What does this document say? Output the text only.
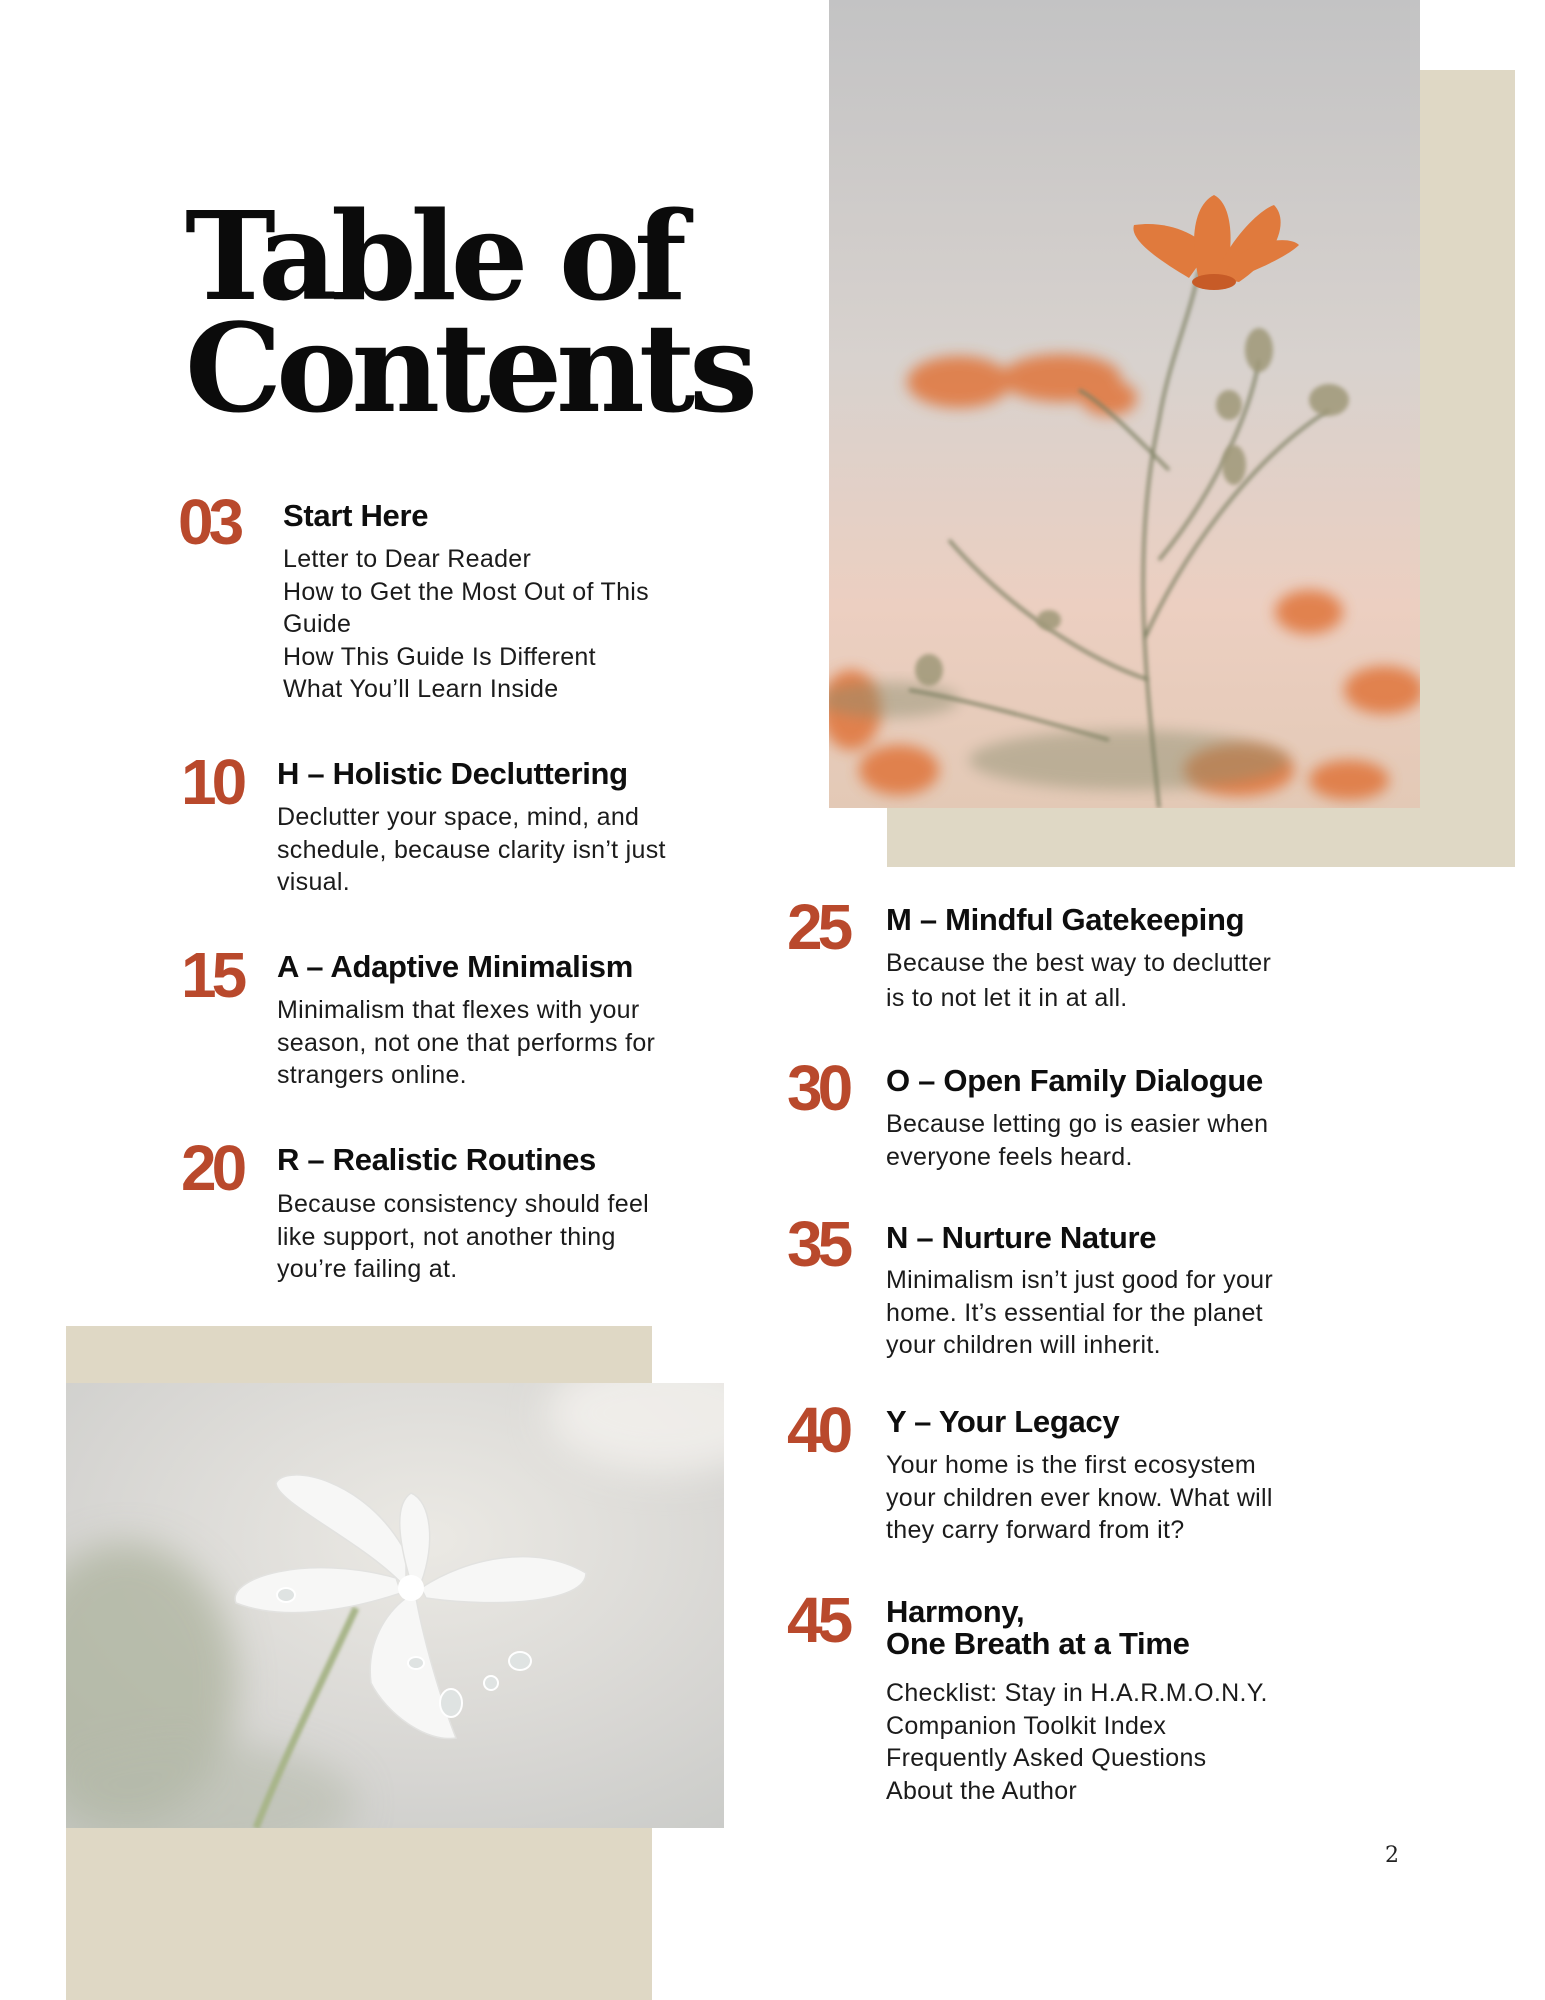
Table of
Contents
03 Start Here
Letter to Dear Reader
How to Get the Most Out of This
Guide
How This Guide Is Different
What You’ll Learn Inside
10 H – Holistic Decluttering
Declutter your space, mind, and
schedule, because clarity isn’t just
visual.
15 A – Adaptive Minimalism
Minimalism that flexes with your
season, not one that performs for
strangers online.
20 R – Realistic Routines
Because consistency should feel
like support, not another thing
you’re failing at.
25 M – Mindful Gatekeeping
Because the best way to declutter
is to not let it in at all.
30 O – Open Family Dialogue
Because letting go is easier when
everyone feels heard.
35 N – Nurture Nature
Minimalism isn’t just good for your
home. It’s essential for the planet
your children will inherit.
40 Y – Your Legacy
Your home is the first ecosystem
your children ever know. What will
they carry forward from it?
45 Harmony,
One Breath at a Time
Checklist: Stay in H.A.R.M.O.N.Y.
Companion Toolkit Index
Frequently Asked Questions
About the Author
2
